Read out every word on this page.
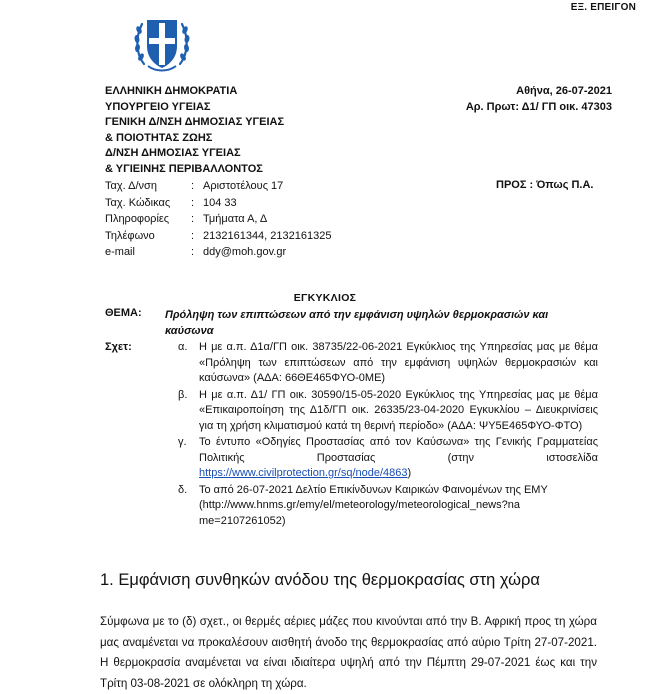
ΕΞ. ΕΠΕΙΓΟΝ
ΕΛΛΗΝΙΚΗ ΔΗΜΟΚΡΑΤΙΑ
ΥΠΟΥΡΓΕΙΟ ΥΓΕΙΑΣ
ΓΕΝΙΚΗ Δ/ΝΣΗ ΔΗΜΟΣΙΑΣ ΥΓΕΙΑΣ
& ΠΟΙΟΤΗΤΑΣ ΖΩΗΣ
Δ/ΝΣΗ ΔΗΜΟΣΙΑΣ ΥΓΕΙΑΣ
& ΥΓΙΕΙΝΗΣ ΠΕΡΙΒΑΛΛΟΝΤΟΣ
Αθήνα, 26-07-2021
Αρ. Πρωτ: Δ1/ ΓΠ οικ. 47303
Ταχ. Δ/νση	: Αριστοτέλους 17
Ταχ. Κώδικας	: 104 33
Πληροφορίες	: Τμήματα Α, Δ
Τηλέφωνο	: 2132161344, 2132161325
e-mail	: ddy@moh.gov.gr
ΠΡΟΣ : Όπως Π.Α.
ΕΓΚΥΚΛΙΟΣ
ΘΕΜΑ:	Πρόληψη των επιπτώσεων από την εμφάνιση υψηλών θερμοκρασιών και καύσωνα
Σχετ:	α.	Η με α.π. Δ1α/ΓΠ οικ. 38735/22-06-2021 Εγκύκλιος της Υπηρεσίας μας με θέμα «Πρόληψη των επιπτώσεων από την εμφάνιση υψηλών θερμοκρασιών και καύσωνα» (ΑΔΑ: 66ΘΕ465ΦΥΟ-0ΜΕ)
β.	Η με α.π. Δ1/ ΓΠ οικ. 30590/15-05-2020 Εγκύκλιος της Υπηρεσίας μας με θέμα «Επικαιροποίηση της Δ1δ/ΓΠ οικ. 26335/23-04-2020 Εγκυκλίου – Διευκρινίσεις για τη χρήση κλιματισμού κατά τη θερινή περίοδο» (ΑΔΑ: ΨΥ5Ε465ΦΥΟ-ΦΤΟ)
γ.	Το έντυπο «Οδηγίες Προστασίας από τον Καύσωνα» της Γενικής Γραμματείας Πολιτικής Προστασίας (στην ιστοσελίδα https://www.civilprotection.gr/sq/node/4863)
δ.	Το από 26-07-2021 Δελτίο Επικίνδυνων Καιρικών Φαινομένων της ΕΜΥ (http://www.hnms.gr/emy/el/meteorology/meteorological_news?na me=2107261052)
1. Εμφάνιση συνθηκών ανόδου της θερμοκρασίας στη χώρα
Σύμφωνα με το (δ) σχετ., οι θερμές αέριες μάζες που κινούνται από την Β. Αφρική προς τη χώρα μας αναμένεται να προκαλέσουν αισθητή άνοδο της θερμοκρασίας από αύριο Τρίτη 27-07-2021. Η θερμοκρασία αναμένεται να είναι ιδιαίτερα υψηλή από την Πέμπτη 29-07-2021 έως και την Τρίτη 03-08-2021 σε ολόκληρη τη χώρα.
